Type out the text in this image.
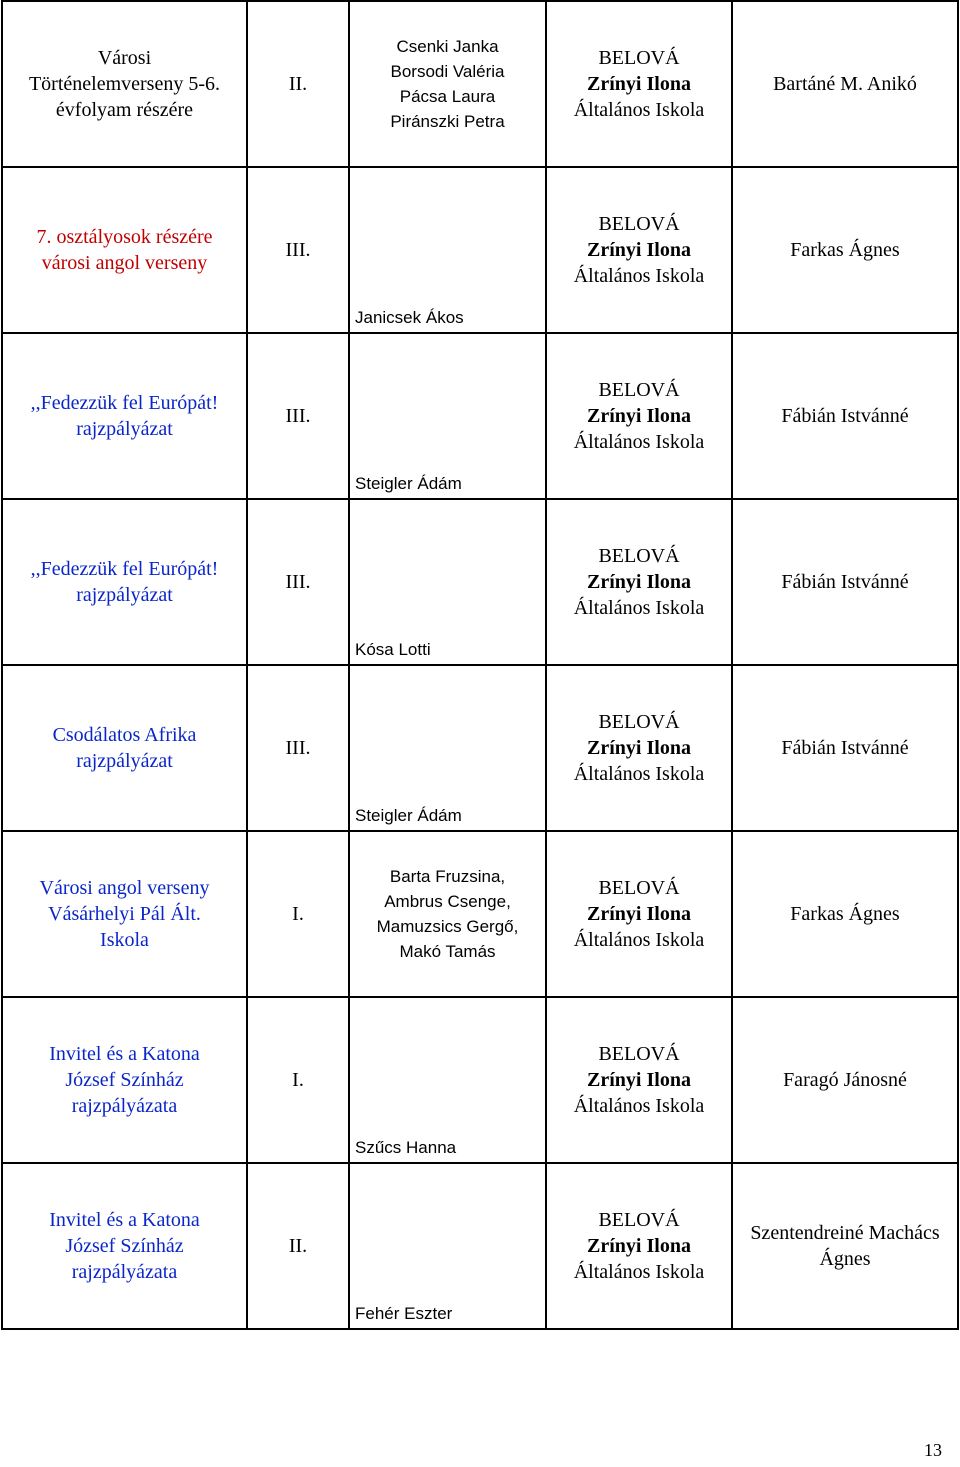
Városi
Történelemverseny 5-6.
évfolyam részére	II.	Csenki Janka
Borsodi Valéria
Pácsa Laura
Piránszki Petra	BELOVÁ
Zrínyi Ilona
Általános Iskola	Bartáné M. Anikó

7. osztályosok részére
városi angol verseny	III.	Janicsek Ákos	BELOVÁ
Zrínyi Ilona
Általános Iskola	Farkas Ágnes

,,Fedezzük fel Európát!
rajzpályázat	III.	Steigler Ádám	BELOVÁ
Zrínyi Ilona
Általános Iskola	Fábián Istvánné

,,Fedezzük fel Európát!
rajzpályázat	III.	Kósa Lotti	BELOVÁ
Zrínyi Ilona
Általános Iskola	Fábián Istvánné

Csodálatos Afrika
rajzpályázat	III.	Steigler Ádám	BELOVÁ
Zrínyi Ilona
Általános Iskola	Fábián Istvánné

Városi angol verseny
Vásárhelyi Pál Ált.
Iskola	I.	Barta Fruzsina,
Ambrus Csenge,
Mamuzsics Gergő,
Makó Tamás	BELOVÁ
Zrínyi Ilona
Általános Iskola	Farkas Ágnes

Invitel és a Katona
József Színház
rajzpályázata	I.	Szűcs Hanna	BELOVÁ
Zrínyi Ilona
Általános Iskola	Faragó Jánosné

Invitel és a Katona
József Színház
rajzpályázata	II.	Fehér Eszter	BELOVÁ
Zrínyi Ilona
Általános Iskola	Szentendreiné Machács
Ágnes
13
